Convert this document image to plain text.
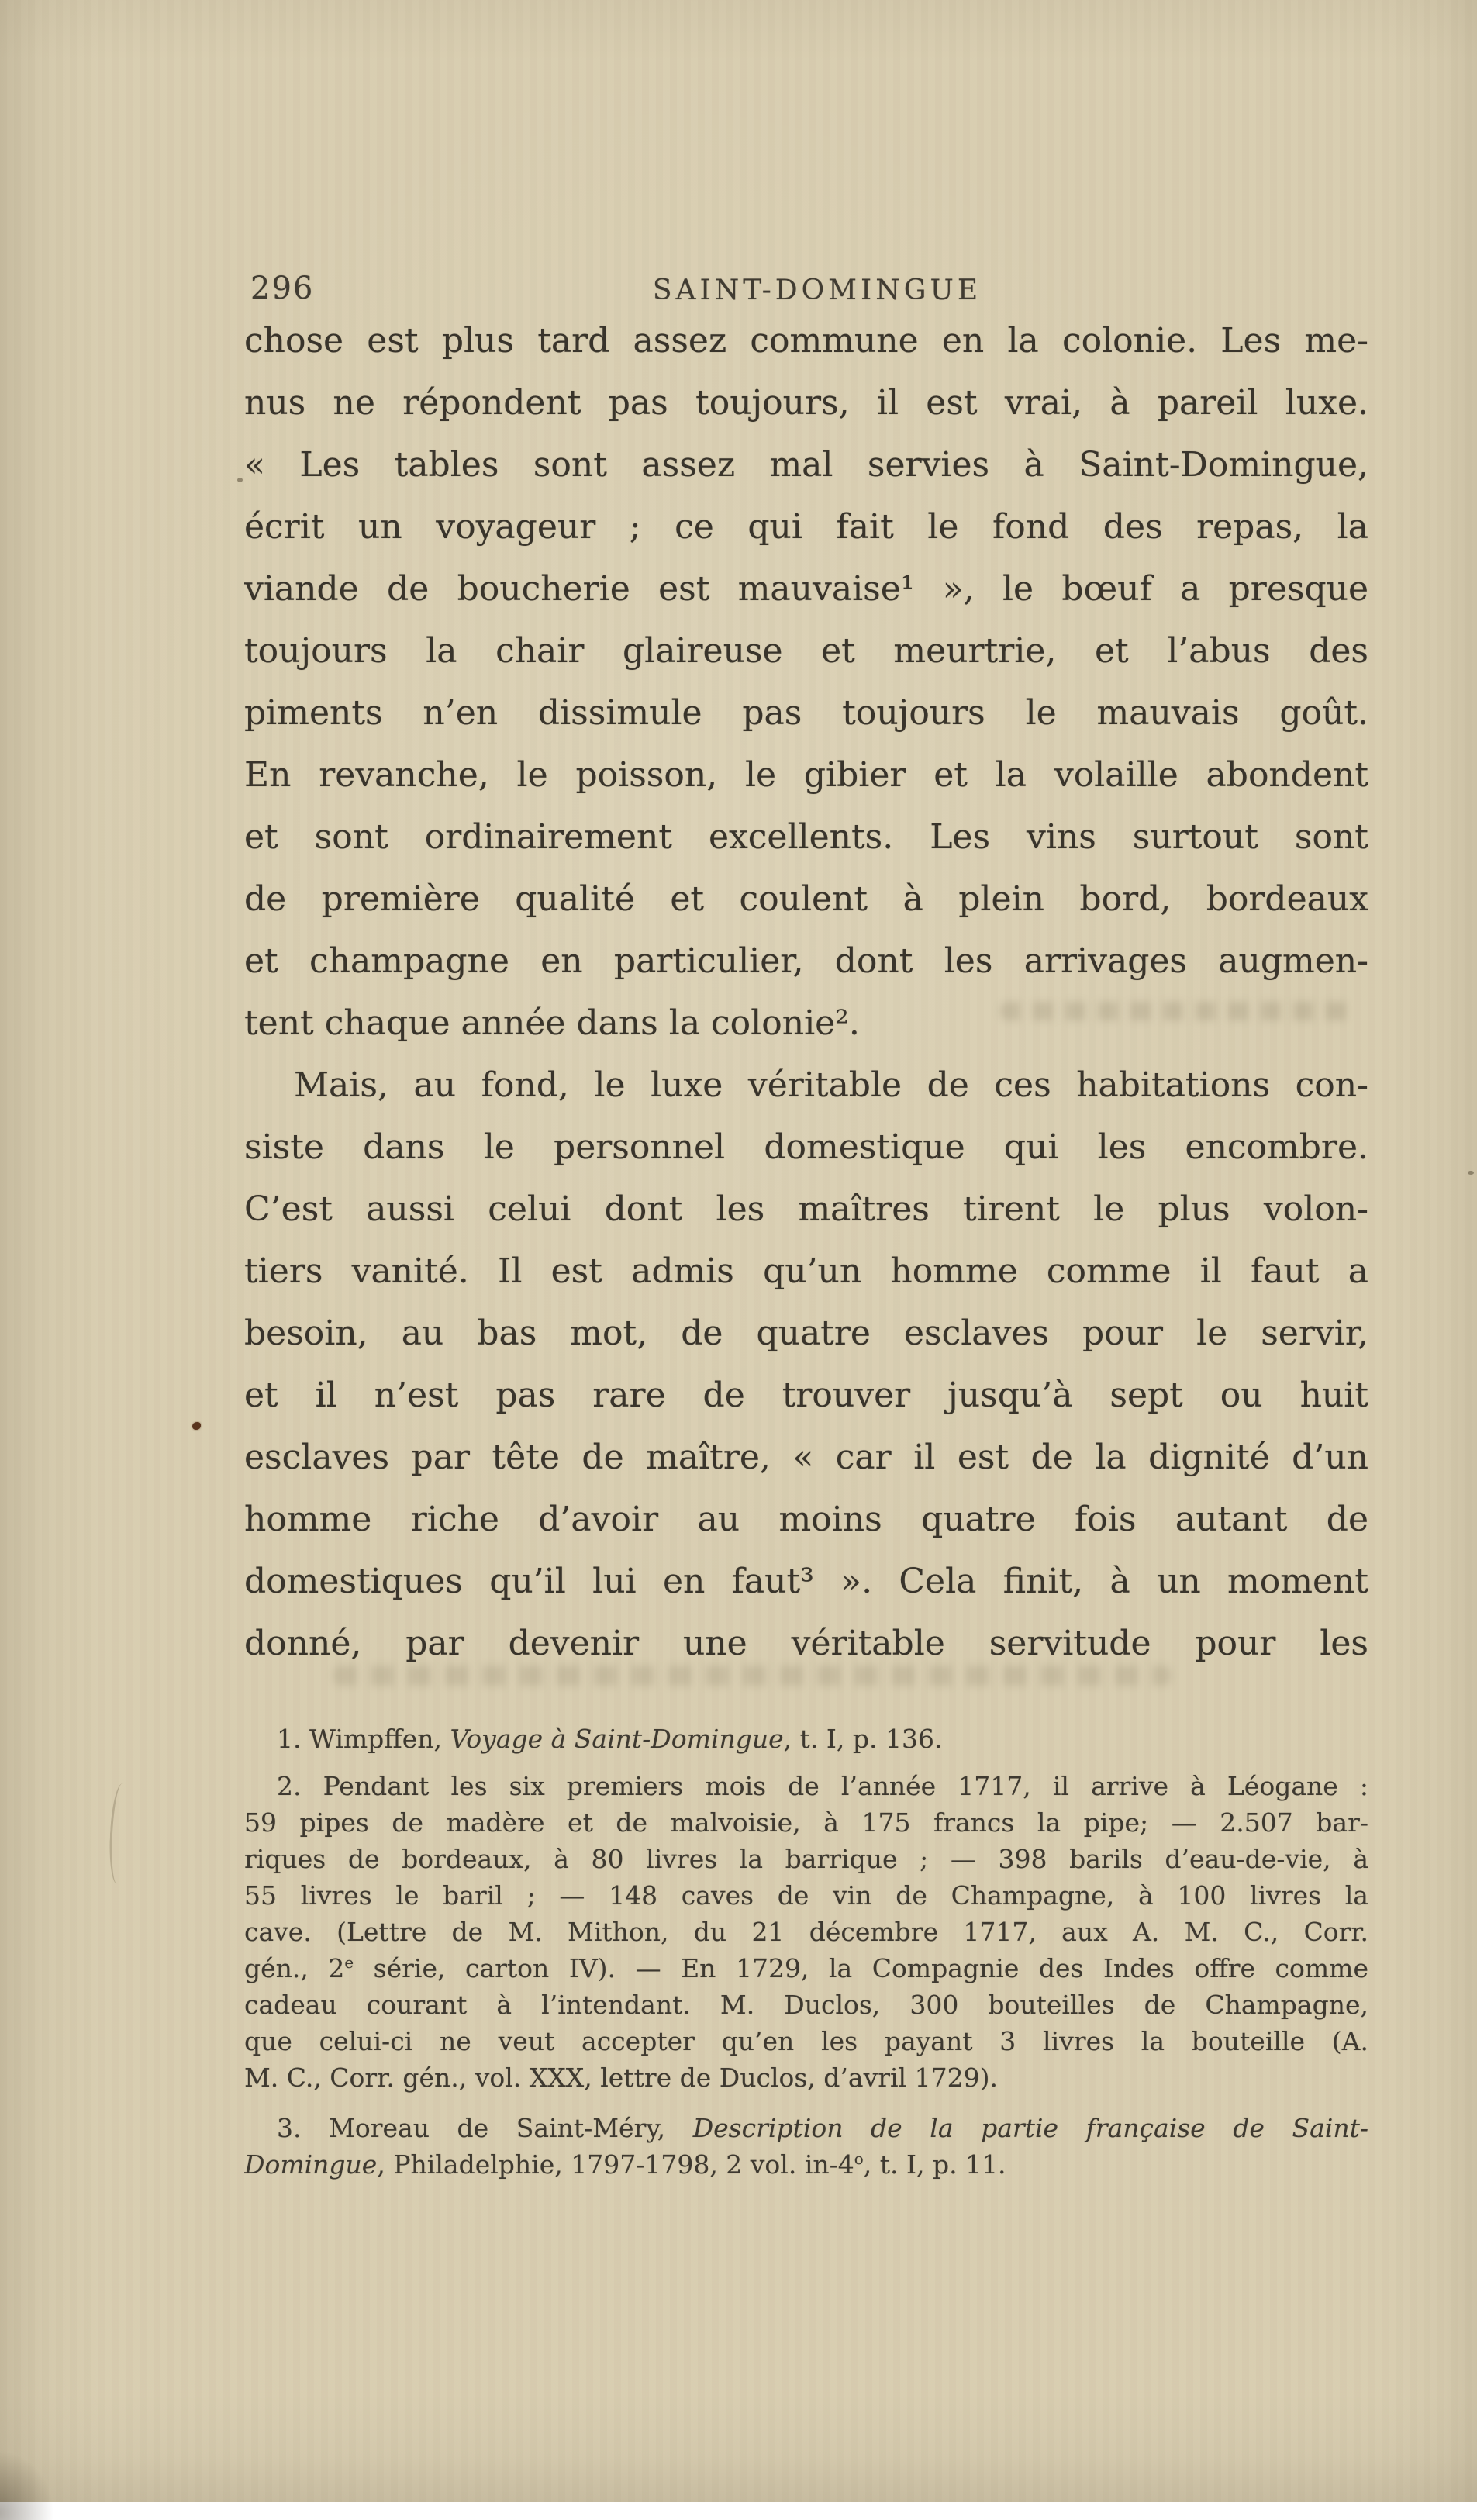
296	SAINT-DOMINGUE
chose est plus tard assez commune en la colonie. Les me-
nus ne répondent pas toujours, il est vrai, à pareil luxe.
« Les tables sont assez mal servies à Saint-Domingue,
écrit un voyageur ; ce qui fait le fond des repas, la
viande de boucherie est mauvaise¹ », le bœuf a presque
toujours la chair glaireuse et meurtrie, et l’abus des
piments n’en dissimule pas toujours le mauvais goût.
En revanche, le poisson, le gibier et la volaille abondent
et sont ordinairement excellents. Les vins surtout sont
de première qualité et coulent à plein bord, bordeaux
et champagne en particulier, dont les arrivages augmen-
tent chaque année dans la colonie².
Mais, au fond, le luxe véritable de ces habitations con-
siste dans le personnel domestique qui les encombre.
C’est aussi celui dont les maîtres tirent le plus volon-
tiers vanité. Il est admis qu’un homme comme il faut a
besoin, au bas mot, de quatre esclaves pour le servir,
et il n’est pas rare de trouver jusqu’à sept ou huit
esclaves par tête de maître, « car il est de la dignité d’un
homme riche d’avoir au moins quatre fois autant de
domestiques qu’il lui en faut³ ». Cela finit, à un moment
donné, par devenir une véritable servitude pour les
1. Wimpffen, Voyage à Saint-Domingue, t. I, p. 136.
2. Pendant les six premiers mois de l’année 1717, il arrive à Léogane :
59 pipes de madère et de malvoisie, à 175 francs la pipe; — 2.507 bar-
riques de bordeaux, à 80 livres la barrique ; — 398 barils d’eau-de-vie, à
55 livres le baril ; — 148 caves de vin de Champagne, à 100 livres la
cave. (Lettre de M. Mithon, du 21 décembre 1717, aux A. M. C., Corr.
gén., 2e série, carton IV). — En 1729, la Compagnie des Indes offre comme
cadeau courant à l’intendant. M. Duclos, 300 bouteilles de Champagne,
que celui-ci ne veut accepter qu’en les payant 3 livres la bouteille (A.
M. C., Corr. gén., vol. XXX, lettre de Duclos, d’avril 1729).
3. Moreau de Saint-Méry, Description de la partie française de Saint-
Domingue, Philadelphie, 1797-1798, 2 vol. in-4$^o$, t. I, p. 11.
